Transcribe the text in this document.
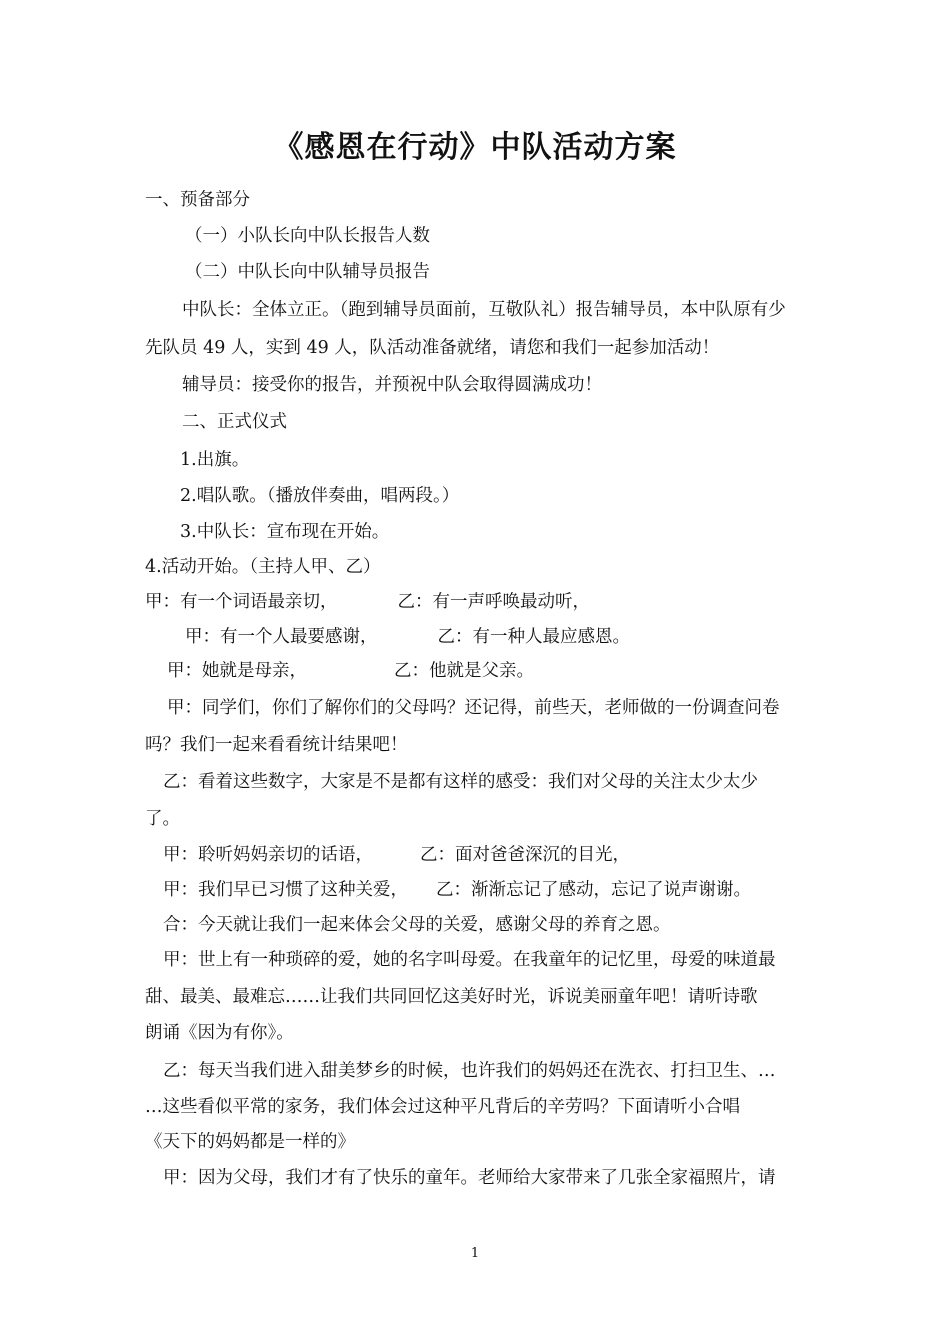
《感恩在行动》中队活动方案
一、预备部分
（一）小队长向中队长报告人数
（二）中队长向中队辅导员报告
中队长：全体立正。（跑到辅导员面前，互敬队礼）报告辅导员，本中队原有少
先队员 49 人，实到 49 人，队活动准备就绪，请您和我们一起参加活动！
辅导员：接受你的报告，并预祝中队会取得圆满成功！
二、正式仪式
1.出旗。
2.唱队歌。（播放伴奏曲，唱两段。）
3.中队长：宣布现在开始。
4.活动开始。（主持人甲、乙）
甲：有一个词语最亲切，	乙：有一声呼唤最动听，
甲：有一个人最要感谢，	乙：有一种人最应感恩。
甲：她就是母亲，	乙：他就是父亲。
甲：同学们，你们了解你们的父母吗？还记得，前些天，老师做的一份调查问卷
吗？我们一起来看看统计结果吧！
乙：看着这些数字，大家是不是都有这样的感受：我们对父母的关注太少太少
了。
甲：聆听妈妈亲切的话语，	乙：面对爸爸深沉的目光，
甲：我们早已习惯了这种关爱， 乙：渐渐忘记了感动，忘记了说声谢谢。
合：今天就让我们一起来体会父母的关爱，感谢父母的养育之恩。
甲：世上有一种琐碎的爱，她的名字叫母爱。在我童年的记忆里，母爱的味道最
甜、最美、最难忘……让我们共同回忆这美好时光，诉说美丽童年吧！请听诗歌
朗诵《因为有你》。
乙：每天当我们进入甜美梦乡的时候，也许我们的妈妈还在洗衣、打扫卫生、…
…这些看似平常的家务，我们体会过这种平凡背后的辛劳吗？下面请听小合唱
《天下的妈妈都是一样的》
甲：因为父母，我们才有了快乐的童年。老师给大家带来了几张全家福照片，请
1
